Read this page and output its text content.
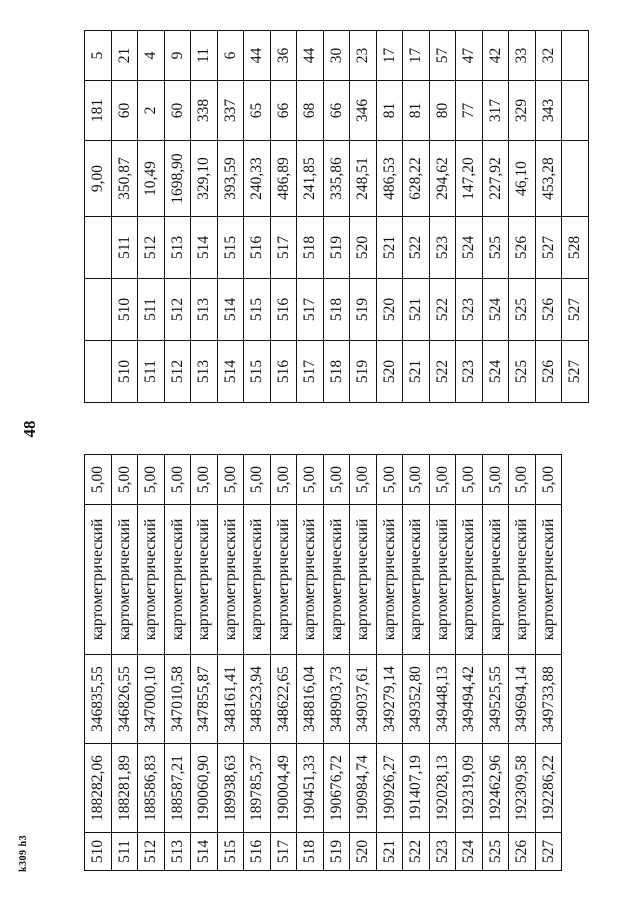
48
510	188282,06	346835,55	картометрический	5,00
511	188281,89	346826,55	картометрический	5,00
512	188586,83	347000,10	картометрический	5,00
513	188587,21	347010,58	картометрический	5,00
514	190060,90	347855,87	картометрический	5,00
515	189938,63	348161,41	картометрический	5,00
516	189785,37	348523,94	картометрический	5,00
517	190004,49	348622,65	картометрический	5,00
518	190451,33	348816,04	картометрический	5,00
519	190676,72	348903,73	картометрический	5,00
520	190984,74	349037,61	картометрический	5,00
521	190926,27	349279,14	картометрический	5,00
522	191407,19	349352,80	картометрический	5,00
523	192028,13	349448,13	картометрический	5,00
524	192319,09	349494,42	картометрический	5,00
525	192462,96	349525,55	картометрический	5,00
526	192309,58	349694,14	картометрический	5,00
527	192286,22	349733,88	картометрический	5,00
			9,00	181	5
510	510	511	350,87	60	21
511	511	512	10,49	2	4
512	512	513	1698,90	60	9
513	513	514	329,10	338	11
514	514	515	393,59	337	6
515	515	516	240,33	65	44
516	516	517	486,89	66	36
517	517	518	241,85	68	44
518	518	519	335,86	66	30
519	519	520	248,51	346	23
520	520	521	486,53	81	17
521	521	522	628,22	81	17
522	522	523	294,62	80	57
523	523	524	147,20	77	47
524	524	525	227,92	317	42
525	525	526	46,10	329	33
526	526	527	453,28	343	32
527	527	528			
k309 h3
